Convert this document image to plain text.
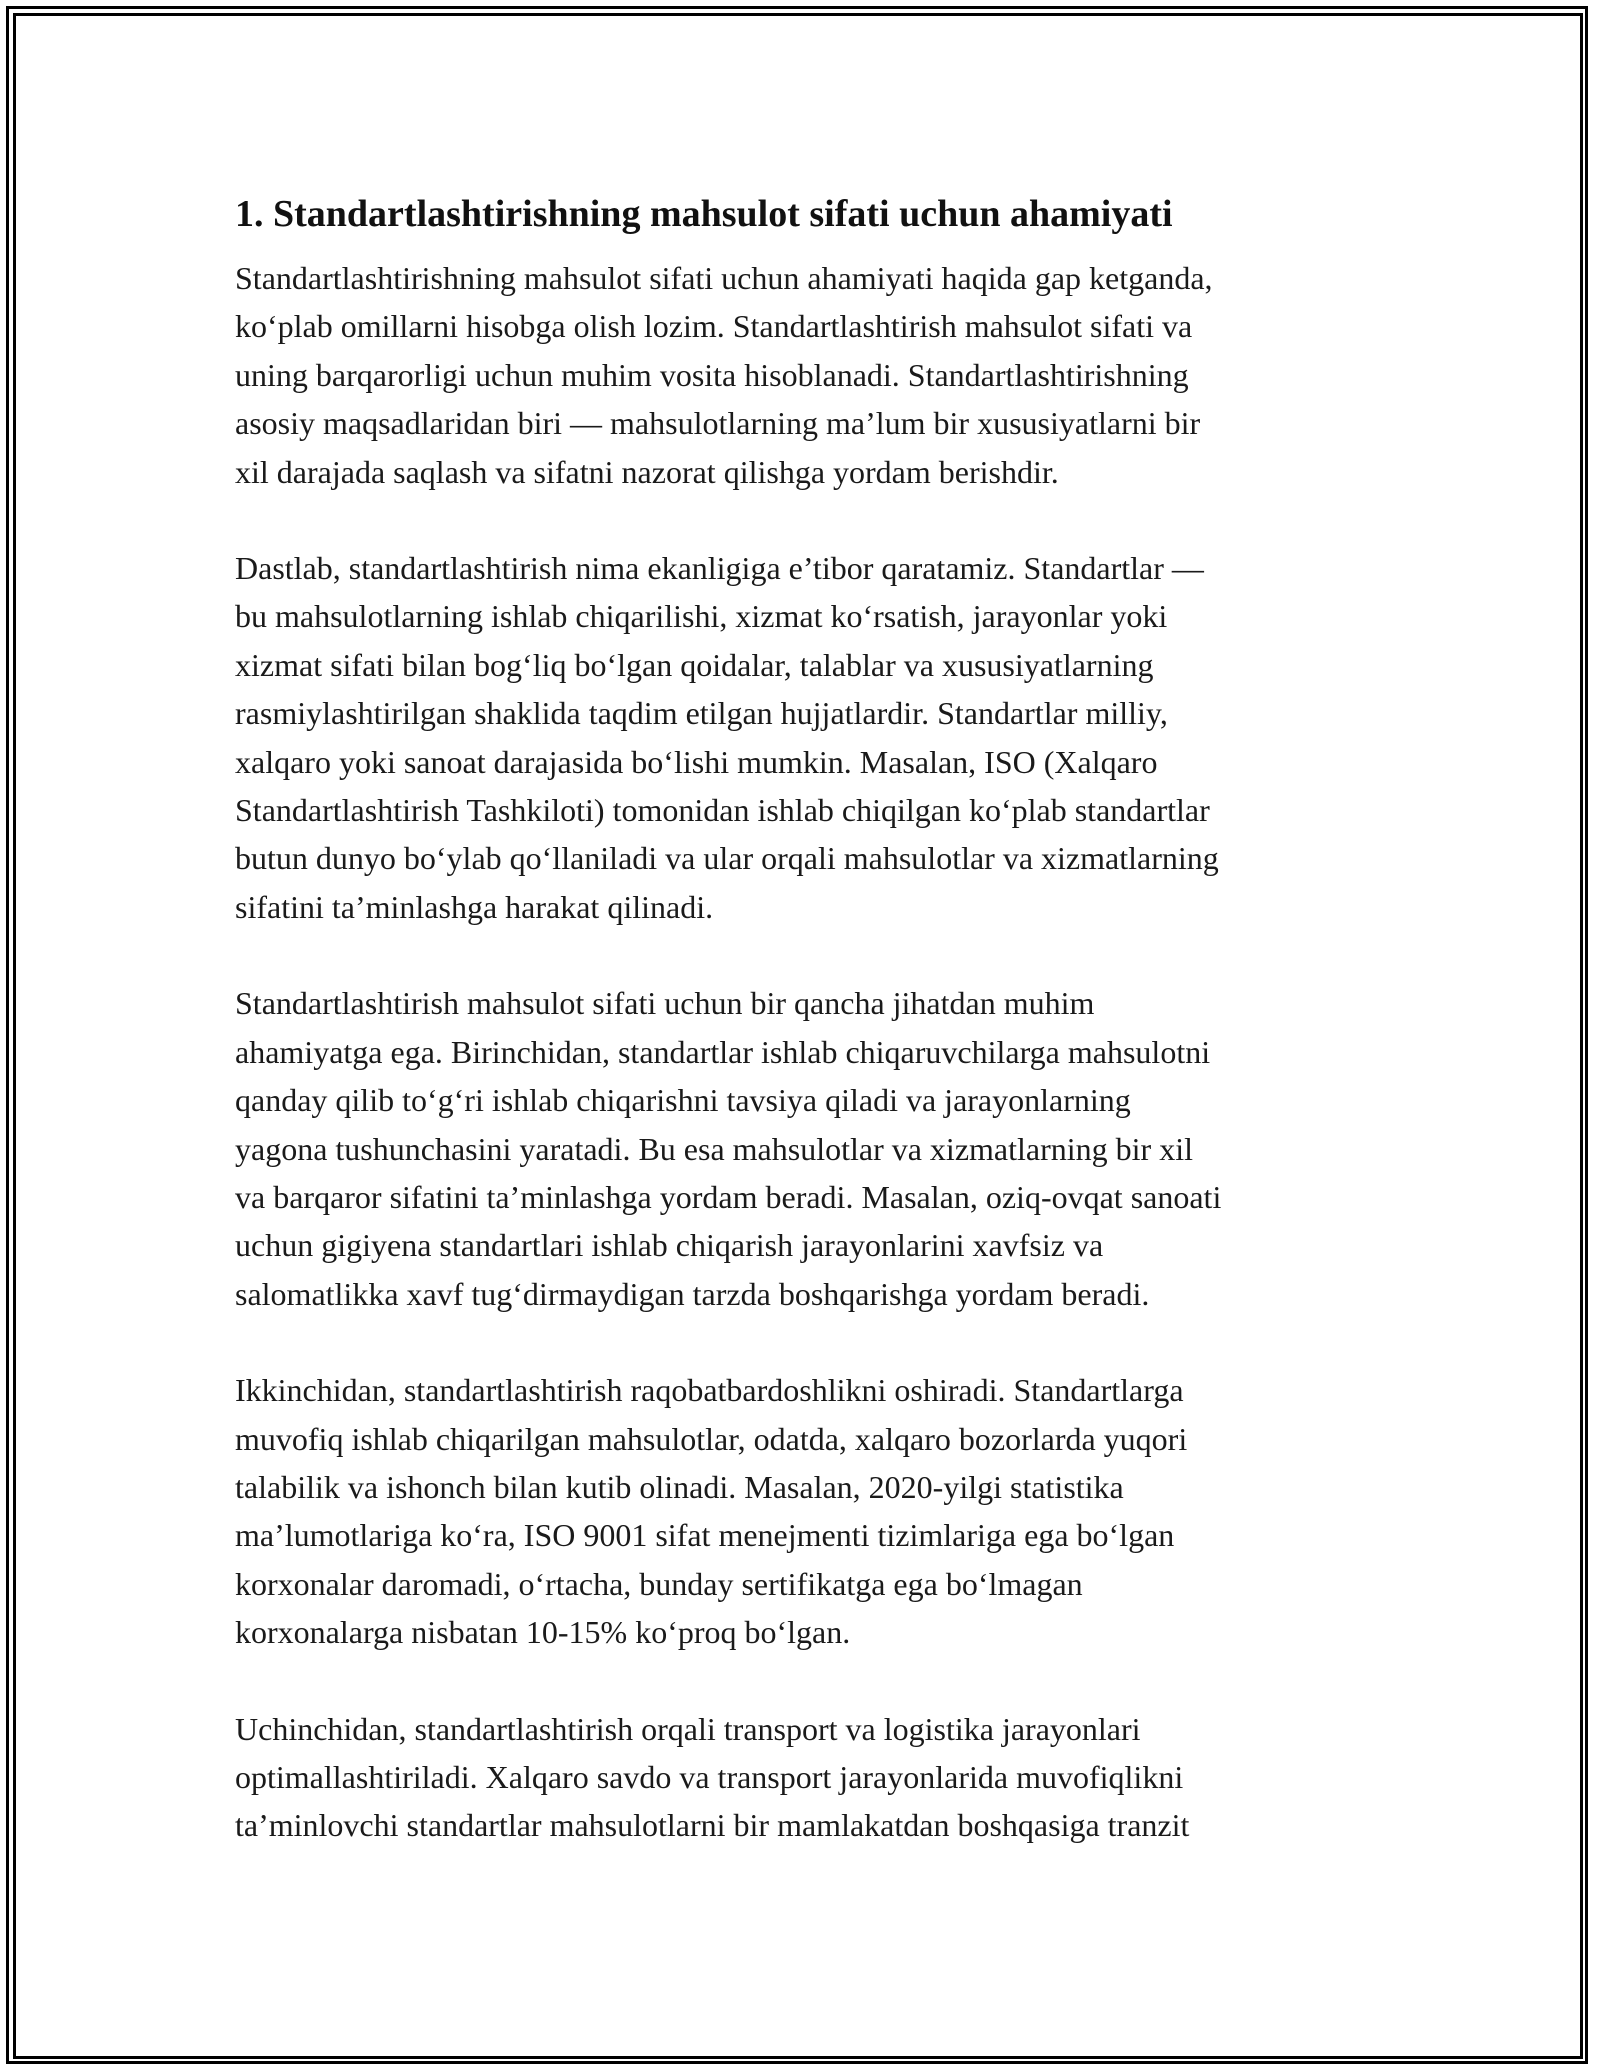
1. Standartlashtirishning mahsulot sifati uchun ahamiyati

Standartlashtirishning mahsulot sifati uchun ahamiyati haqida gap ketganda,
ko‘plab omillarni hisobga olish lozim. Standartlashtirish mahsulot sifati va
uning barqarorligi uchun muhim vosita hisoblanadi. Standartlashtirishning
asosiy maqsadlaridan biri — mahsulotlarning ma’lum bir xususiyatlarni bir
xil darajada saqlash va sifatni nazorat qilishga yordam berishdir.

Dastlab, standartlashtirish nima ekanligiga e’tibor qaratamiz. Standartlar —
bu mahsulotlarning ishlab chiqarilishi, xizmat ko‘rsatish, jarayonlar yoki
xizmat sifati bilan bog‘liq bo‘lgan qoidalar, talablar va xususiyatlarning
rasmiylashtirilgan shaklida taqdim etilgan hujjatlardir. Standartlar milliy,
xalqaro yoki sanoat darajasida bo‘lishi mumkin. Masalan, ISO (Xalqaro
Standartlashtirish Tashkiloti) tomonidan ishlab chiqilgan ko‘plab standartlar
butun dunyo bo‘ylab qo‘llaniladi va ular orqali mahsulotlar va xizmatlarning
sifatini ta’minlashga harakat qilinadi.

Standartlashtirish mahsulot sifati uchun bir qancha jihatdan muhim
ahamiyatga ega. Birinchidan, standartlar ishlab chiqaruvchilarga mahsulotni
qanday qilib to‘g‘ri ishlab chiqarishni tavsiya qiladi va jarayonlarning
yagona tushunchasini yaratadi. Bu esa mahsulotlar va xizmatlarning bir xil
va barqaror sifatini ta’minlashga yordam beradi. Masalan, oziq-ovqat sanoati
uchun gigiyena standartlari ishlab chiqarish jarayonlarini xavfsiz va
salomatlikka xavf tug‘dirmaydigan tarzda boshqarishga yordam beradi.

Ikkinchidan, standartlashtirish raqobatbardoshlikni oshiradi. Standartlarga
muvofiq ishlab chiqarilgan mahsulotlar, odatda, xalqaro bozorlarda yuqori
talabilik va ishonch bilan kutib olinadi. Masalan, 2020-yilgi statistika
ma’lumotlariga ko‘ra, ISO 9001 sifat menejmenti tizimlariga ega bo‘lgan
korxonalar daromadi, o‘rtacha, bunday sertifikatga ega bo‘lmagan
korxonalarga nisbatan 10-15% ko‘proq bo‘lgan.

Uchinchidan, standartlashtirish orqali transport va logistika jarayonlari
optimallashtiriladi. Xalqaro savdo va transport jarayonlarida muvofiqlikni
ta’minlovchi standartlar mahsulotlarni bir mamlakatdan boshqasiga tranzit
